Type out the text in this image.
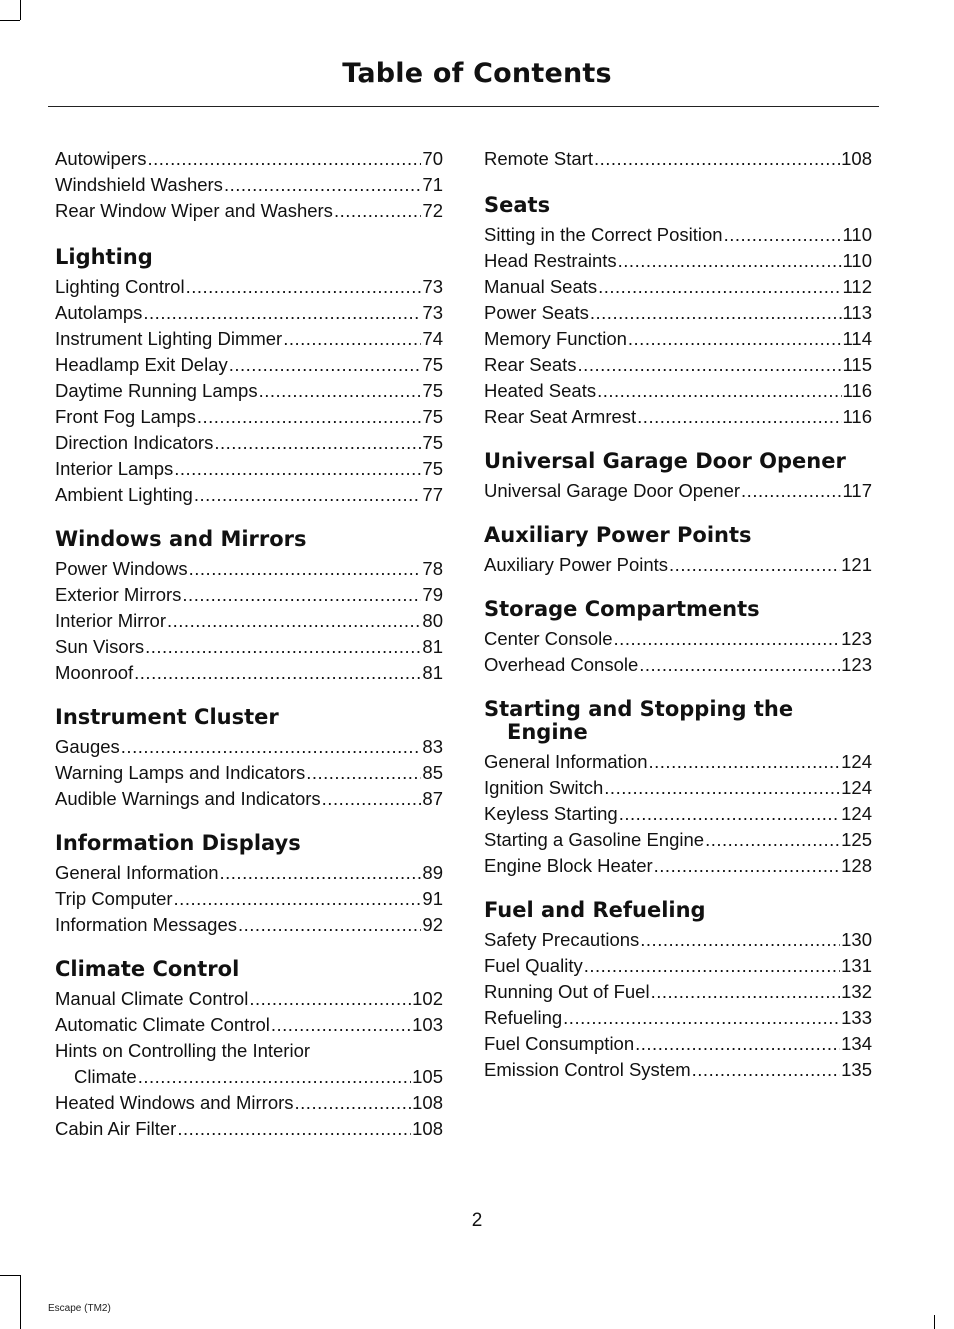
Table of Contents
Autowipers .....	70
Windshield Washers .....	71
Rear Window Wiper and Washers .....	72
Lighting
Lighting Control .....	73
Autolamps .....	73
Instrument Lighting Dimmer .....	74
Headlamp Exit Delay .....	75
Daytime Running Lamps .....	75
Front Fog Lamps .....	75
Direction Indicators .....	75
Interior Lamps .....	75
Ambient Lighting .....	77
Windows and Mirrors
Power Windows .....	78
Exterior Mirrors .....	79
Interior Mirror .....	80
Sun Visors .....	81
Moonroof .....	81
Instrument Cluster
Gauges .....	83
Warning Lamps and Indicators .....	85
Audible Warnings and Indicators .....	87
Information Displays
General Information .....	89
Trip Computer .....	91
Information Messages .....	92
Climate Control
Manual Climate Control .....	102
Automatic Climate Control .....	103
Hints on Controlling the Interior
Climate .....	105
Heated Windows and Mirrors .....	108
Cabin Air Filter .....	108
Remote Start .....	108
Seats
Sitting in the Correct Position .....	110
Head Restraints .....	110
Manual Seats .....	112
Power Seats .....	113
Memory Function .....	114
Rear Seats .....	115
Heated Seats .....	116
Rear Seat Armrest .....	116
Universal Garage Door Opener
Universal Garage Door Opener .....	117
Auxiliary Power Points
Auxiliary Power Points .....	121
Storage Compartments
Center Console .....	123
Overhead Console .....	123
Starting and Stopping the Engine
General Information .....	124
Ignition Switch .....	124
Keyless Starting .....	124
Starting a Gasoline Engine .....	125
Engine Block Heater .....	128
Fuel and Refueling
Safety Precautions .....	130
Fuel Quality .....	131
Running Out of Fuel .....	132
Refueling .....	133
Fuel Consumption .....	134
Emission Control System .....	135
2
Escape (TM2)
